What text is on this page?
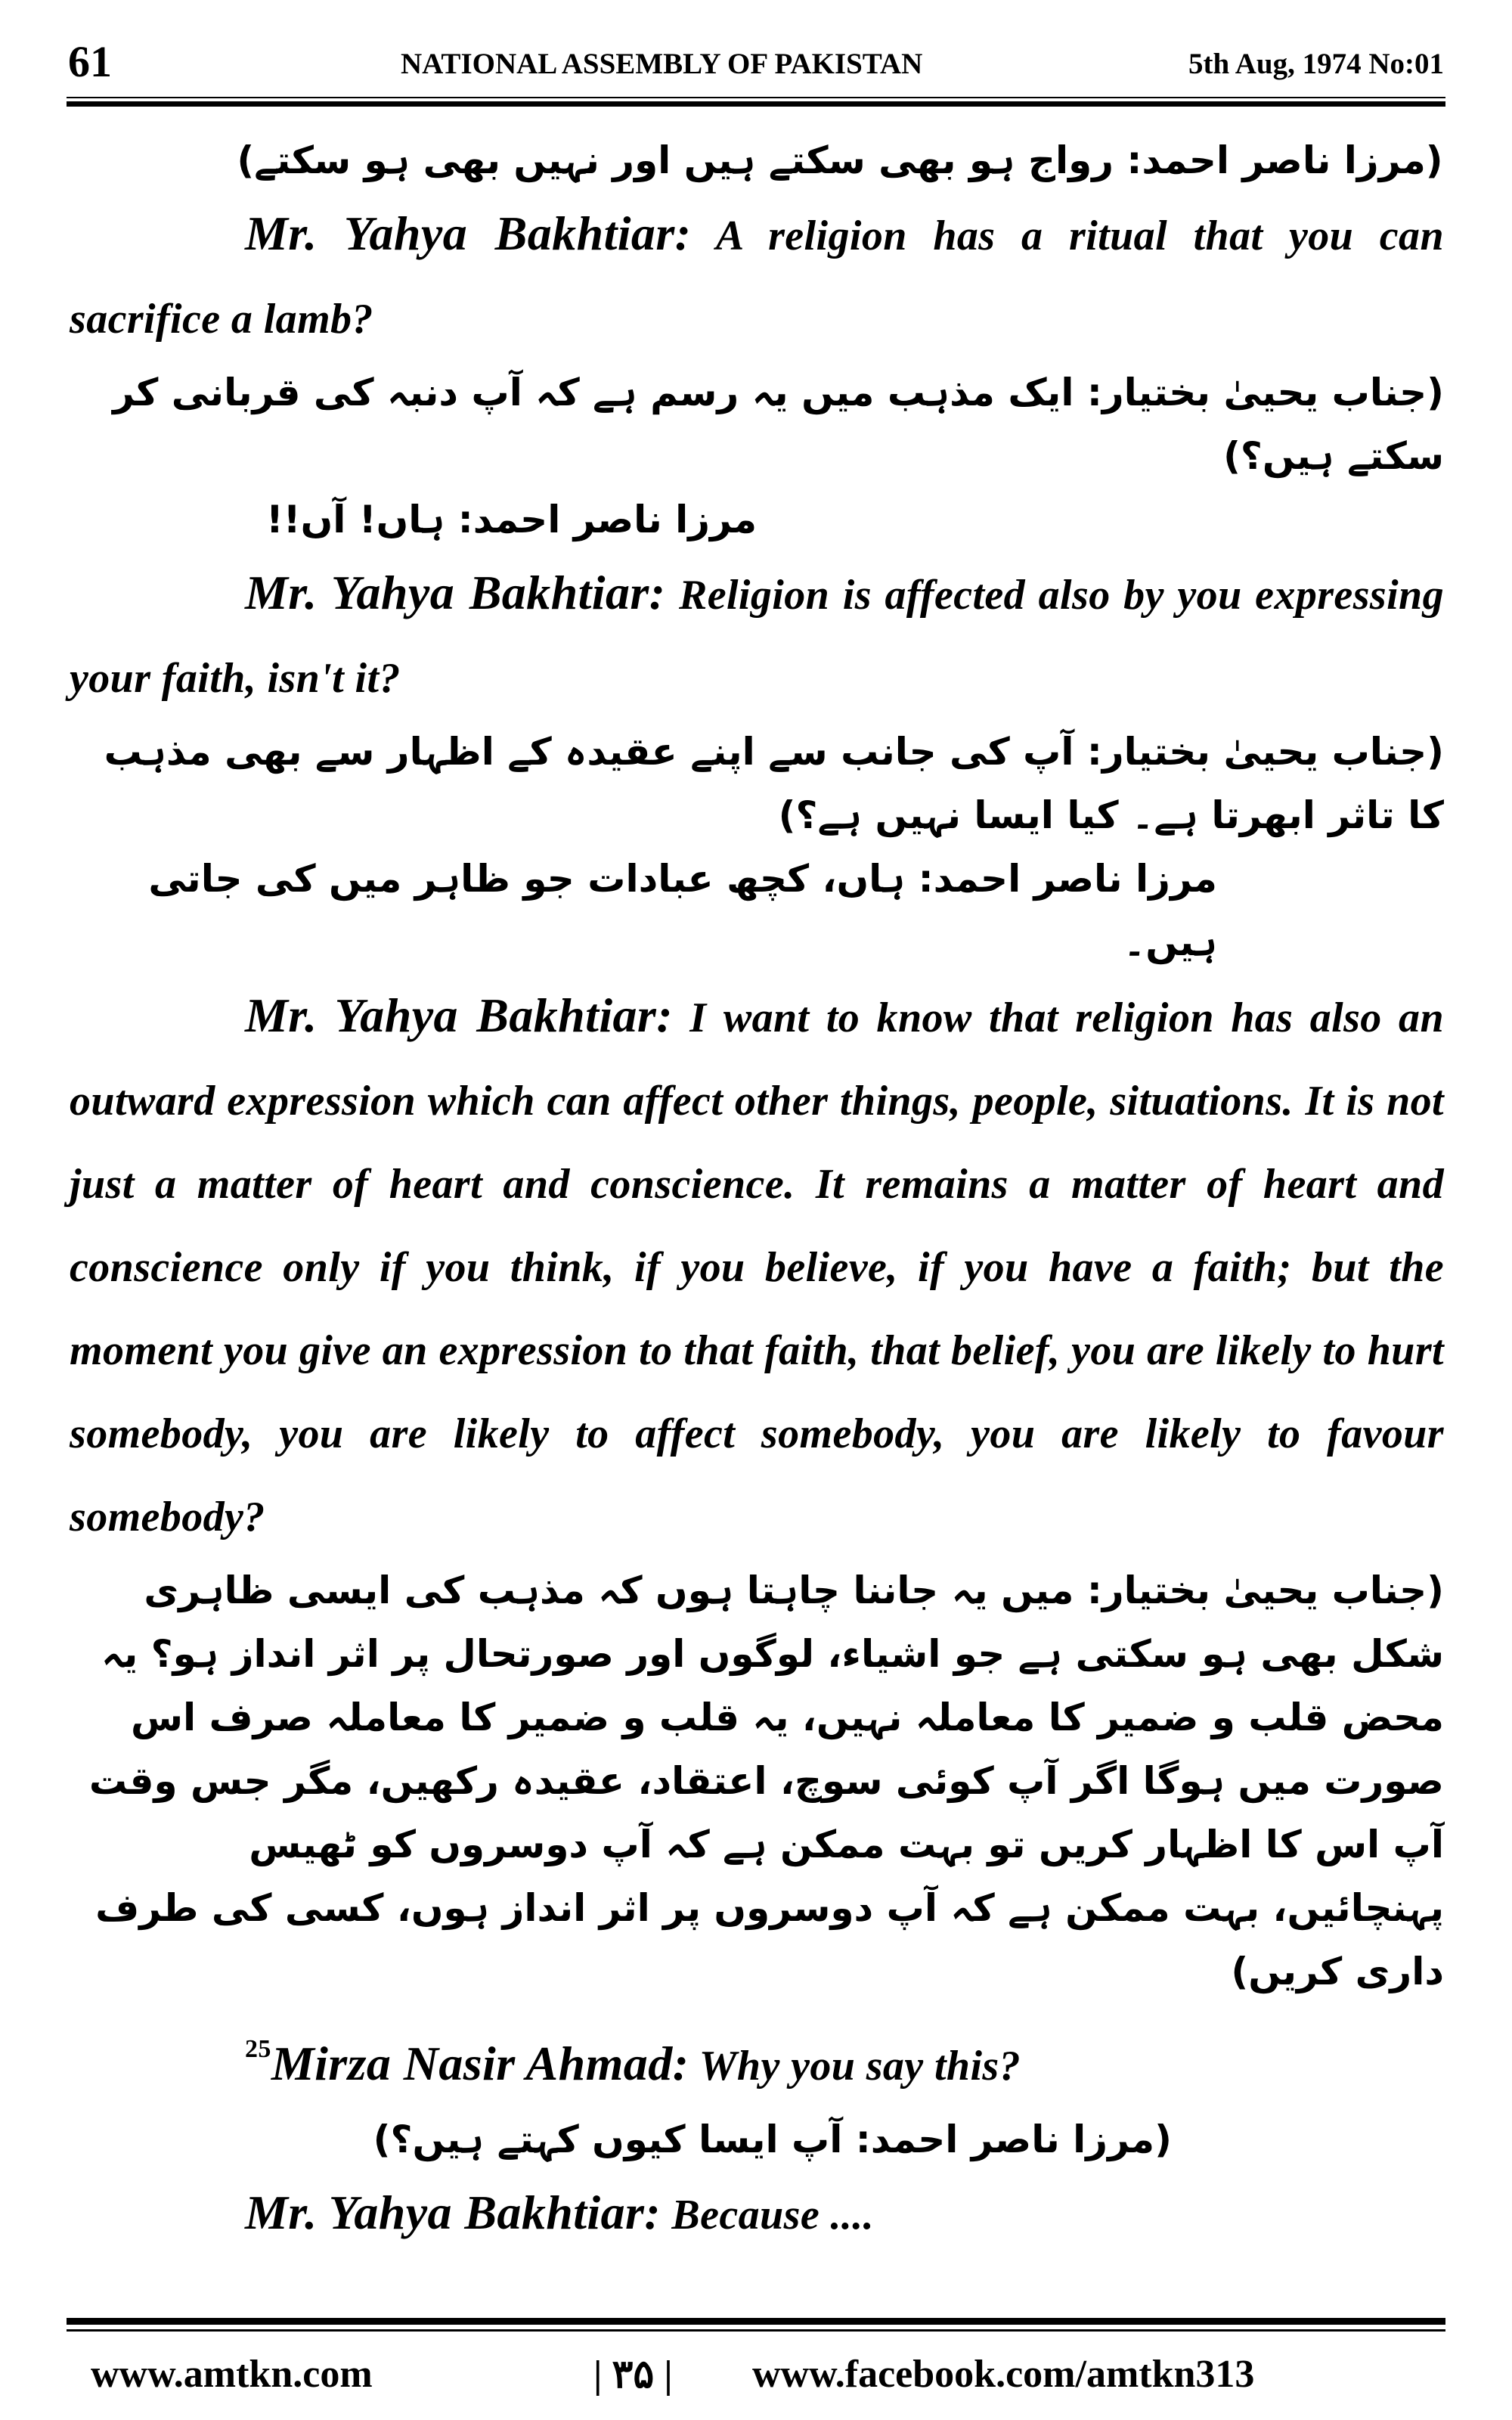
61	NATIONAL ASSEMBLY OF PAKISTAN	5th Aug, 1974 No:01

(مرزا ناصر احمد: رواج ہو بھی سکتے ہیں اور نہیں بھی ہو سکتے)

Mr. Yahya Bakhtiar: A religion has a ritual that you can sacrifice a lamb?

(جناب یحییٰ بختیار: ایک مذہب میں یہ رسم ہے کہ آپ دنبہ کی قربانی کر سکتے ہیں؟)

مرزا ناصر احمد: ہاں! آں!!

Mr. Yahya Bakhtiar: Religion is affected also by you expressing your faith, isn't it?

(جناب یحییٰ بختیار: آپ کی جانب سے اپنے عقیدہ کے اظہار سے بھی مذہب کا تاثر ابھرتا ہے۔ کیا ایسا نہیں ہے؟)

مرزا ناصر احمد: ہاں، کچھ عبادات جو ظاہر میں کی جاتی ہیں۔

Mr. Yahya Bakhtiar: I want to know that religion has also an outward expression which can affect other things, people, situations. It is not just a matter of heart and conscience. It remains a matter of heart and conscience only if you think, if you believe, if you have a faith; but the moment you give an expression to that faith, that belief, you are likely to hurt somebody, you are likely to affect somebody, you are likely to favour somebody?

(جناب یحییٰ بختیار: میں یہ جاننا چاہتا ہوں کہ مذہب کی ایسی ظاہری شکل بھی ہو سکتی ہے جو اشیاء، لوگوں اور صورتحال پر اثر انداز ہو؟ یہ محض قلب و ضمیر کا معاملہ نہیں، یہ قلب و ضمیر کا معاملہ صرف اس صورت میں ہوگا اگر آپ کوئی سوچ، اعتقاد، عقیدہ رکھیں، مگر جس وقت آپ اس کا اظہار کریں تو بہت ممکن ہے کہ آپ دوسروں کو ٹھیس پہنچائیں، بہت ممکن ہے کہ آپ دوسروں پر اثر انداز ہوں، کسی کی طرف داری کریں)

$^{25}$Mirza Nasir Ahmad: Why you say this?

(مرزا ناصر احمد: آپ ایسا کیوں کہتے ہیں؟)

Mr. Yahya Bakhtiar: Because ....

www.amtkn.com	| ۳۵ | www.facebook.com/amtkn313
